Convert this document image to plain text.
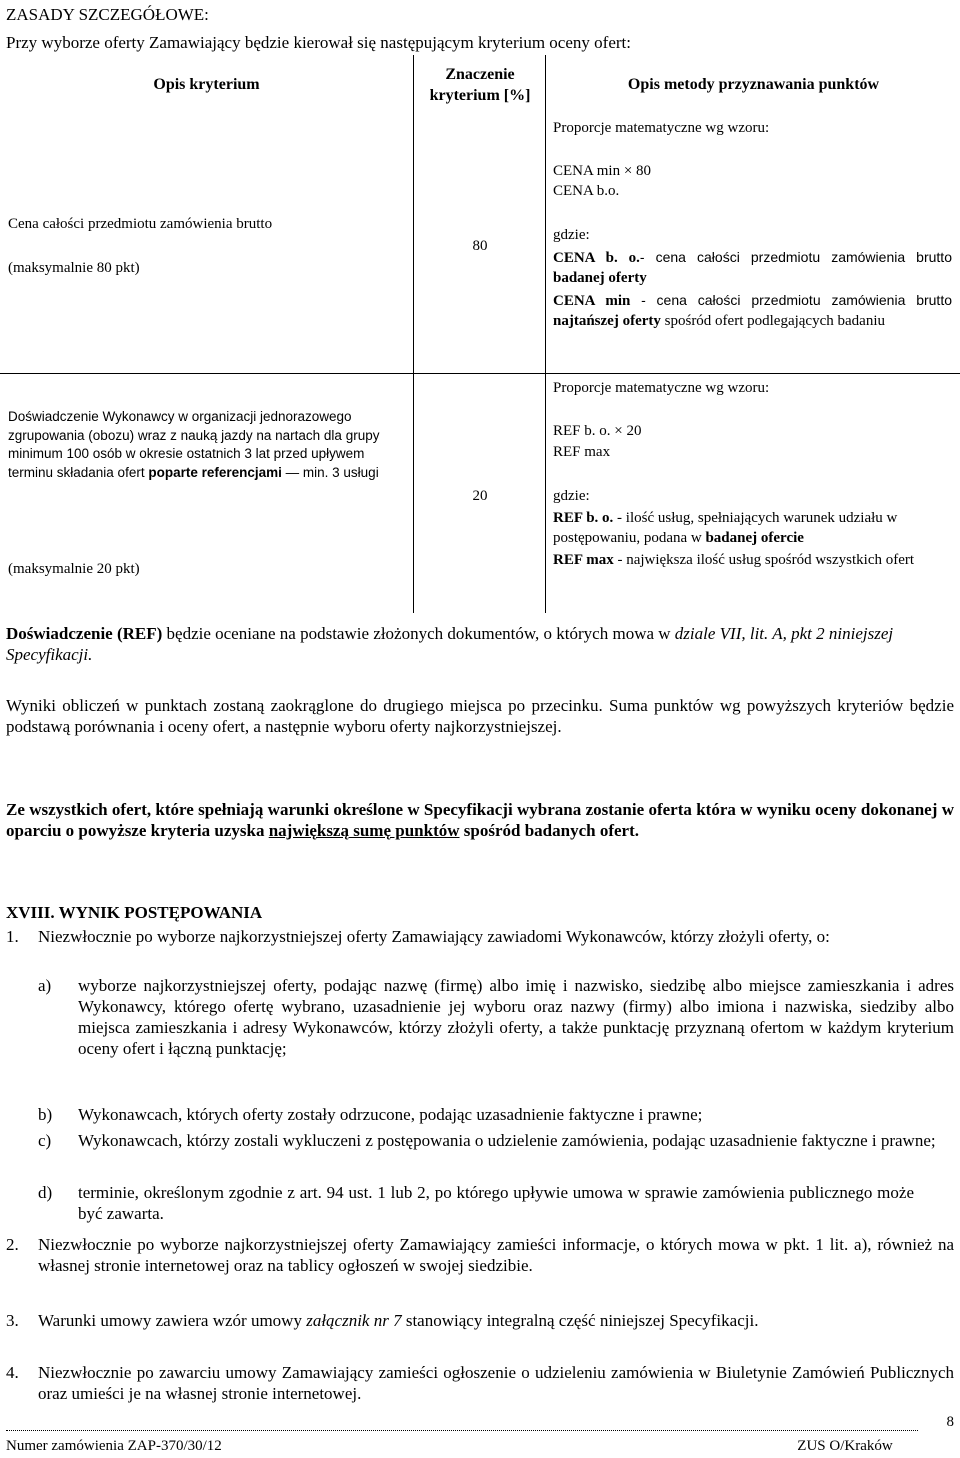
ZASADY SZCZEGÓŁOWE:
Przy wyborze oferty Zamawiający będzie kierował się następującym kryterium oceny ofert:
Opis kryterium
Znaczenie kryterium [%]
Opis metody przyznawania punktów
Cena całości przedmiotu zamówienia brutto
(maksymalnie 80 pkt)
80
Proporcje matematyczne wg wzoru:
CENA min × 80
CENA b.o.
gdzie:
CENA b. o.- cena całości przedmiotu zamówienia brutto badanej oferty
CENA min - cena całości przedmiotu zamówienia brutto najtańszej oferty spośród ofert podlegających badaniu
Doświadczenie Wykonawcy w organizacji jednorazowego zgrupowania (obozu) wraz z nauką jazdy na nartach dla grupy minimum 100 osób w okresie ostatnich 3 lat przed upływem terminu składania ofert poparte referencjami — min. 3 usługi
(maksymalnie 20 pkt)
20
Proporcje matematyczne wg wzoru:
REF b. o. × 20
REF max
gdzie:
REF b. o. - ilość usług, spełniających warunek udziału w postępowaniu, podana w badanej ofercie
REF max - największa ilość usług spośród wszystkich ofert
Doświadczenie (REF) będzie oceniane na podstawie złożonych dokumentów, o których mowa w dziale VII, lit. A, pkt 2 niniejszej Specyfikacji.
Wyniki obliczeń w punktach zostaną zaokrąglone do drugiego miejsca po przecinku. Suma punktów wg powyższych kryteriów będzie podstawą porównania i oceny ofert, a następnie wyboru oferty najkorzystniejszej.
Ze wszystkich ofert, które spełniają warunki określone w Specyfikacji wybrana zostanie oferta która w wyniku oceny dokonanej w oparciu o powyższe kryteria uzyska największą sumę punktów spośród badanych ofert.
XVIII. WYNIK POSTĘPOWANIA
1. Niezwłocznie po wyborze najkorzystniejszej oferty Zamawiający zawiadomi Wykonawców, którzy złożyli oferty, o:
a) wyborze najkorzystniejszej oferty, podając nazwę (firmę) albo imię i nazwisko, siedzibę albo miejsce zamieszkania i adres Wykonawcy, którego ofertę wybrano, uzasadnienie jej wyboru oraz nazwy (firmy) albo imiona i nazwiska, siedziby albo miejsca zamieszkania i adresy Wykonawców, którzy złożyli oferty, a także punktację przyznaną ofertom w każdym kryterium oceny ofert i łączną punktację;
b) Wykonawcach, których oferty zostały odrzucone, podając uzasadnienie faktyczne i prawne;
c) Wykonawcach, którzy zostali wykluczeni z postępowania o udzielenie zamówienia, podając uzasadnienie faktyczne i prawne;
d) terminie, określonym zgodnie z art. 94 ust. 1 lub 2, po którego upływie umowa w sprawie zamówienia publicznego może być zawarta.
2. Niezwłocznie po wyborze najkorzystniejszej oferty Zamawiający zamieści informacje, o których mowa w pkt. 1 lit. a), również na własnej stronie internetowej oraz na tablicy ogłoszeń w swojej siedzibie.
3. Warunki umowy zawiera wzór umowy załącznik nr 7 stanowiący integralną część niniejszej Specyfikacji.
4. Niezwłocznie po zawarciu umowy Zamawiający zamieści ogłoszenie o udzieleniu zamówienia w Biuletynie Zamówień Publicznych oraz umieści je na własnej stronie internetowej.
Numer zamówienia ZAP-370/30/12	ZUS O/Kraków
8
